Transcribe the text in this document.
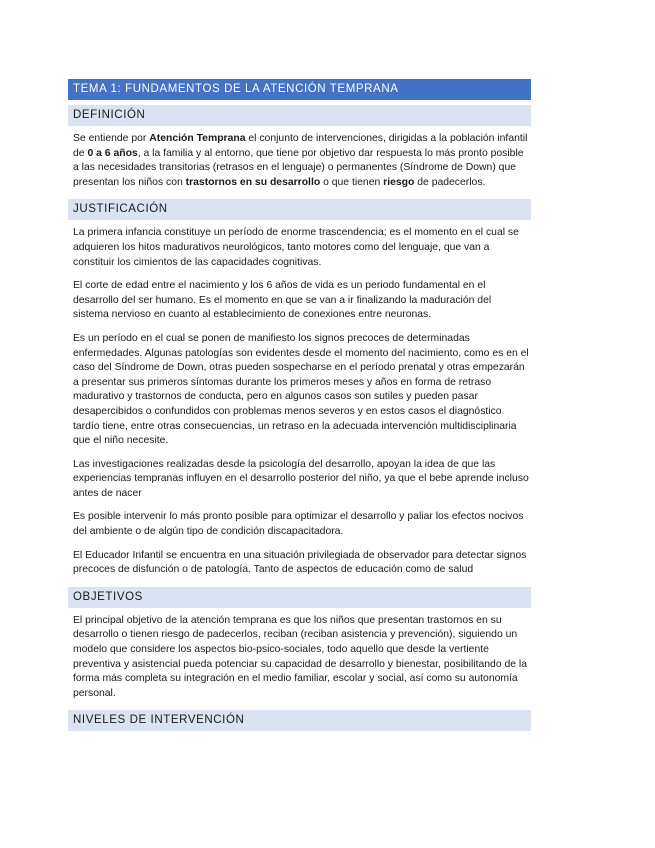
TEMA 1: FUNDAMENTOS DE LA ATENCIÓN TEMPRANA
DEFINICIÓN

Se entiende por Atención Temprana el conjunto de intervenciones, dirigidas a la población infantil de 0 a 6 años, a la familia y al entorno, que tiene por objetivo dar respuesta lo más pronto posible a las necesidades transitorias (retrasos en el lenguaje) o permanentes (Síndrome de Down) que presentan los niños con trastornos en su desarrollo o que tienen riesgo de padecerlos.

JUSTIFICACIÓN

La primera infancia constituye un período de enorme trascendencia; es el momento en el cual se adquieren los hitos madurativos neurológicos, tanto motores como del lenguaje, que van a constituir los cimientos de las capacidades cognitivas.

El corte de edad entre el nacimiento y los 6 años de vida es un periodo fundamental en el desarrollo del ser humano. Es el momento en que se van a ir finalizando la maduración del sistema nervioso en cuanto al establecimiento de conexiones entre neuronas.

Es un período en el cual se ponen de manifiesto los signos precoces de determinadas enfermedades. Algunas patologías son evidentes desde el momento del nacimiento, como es en el caso del Síndrome de Down, otras pueden sospecharse en el período prenatal y otras empezarán a presentar sus primeros síntomas durante los primeros meses y años en forma de retraso madurativo y trastornos de conducta, pero en algunos casos son sutiles y pueden pasar desapercibidos o confundidos con problemas menos severos y en estos casos el diagnóstico tardío tiene, entre otras consecuencias, un retraso en la adecuada intervención multidisciplinaria que el niño necesite.

Las investigaciones realizadas desde la psicología del desarrollo, apoyan la idea de que las experiencias tempranas influyen en el desarrollo posterior del niño, ya que el bebe aprende incluso antes de nacer

Es posible intervenir lo más pronto posible para optimizar el desarrollo y paliar los efectos nocivos del ambiente o de algún tipo de condición discapacitadora.

El Educador Infantil se encuentra en una situación privilegiada de observador para detectar signos precoces de disfunción o de patología. Tanto de aspectos de educación como de salud

OBJETIVOS

El principal objetivo de la atención temprana es que los niños que presentan trastornos en su desarrollo o tienen riesgo de padecerlos, reciban (reciban asistencia y prevención), siguiendo un modelo que considere los aspectos bio-psico-sociales, todo aquello que desde la vertiente preventiva y asistencial pueda potenciar su capacidad de desarrollo y bienestar, posibilitando de la forma más completa su integración en el medio familiar, escolar y social, así como su autonomía personal.

NIVELES DE INTERVENCIÓN
